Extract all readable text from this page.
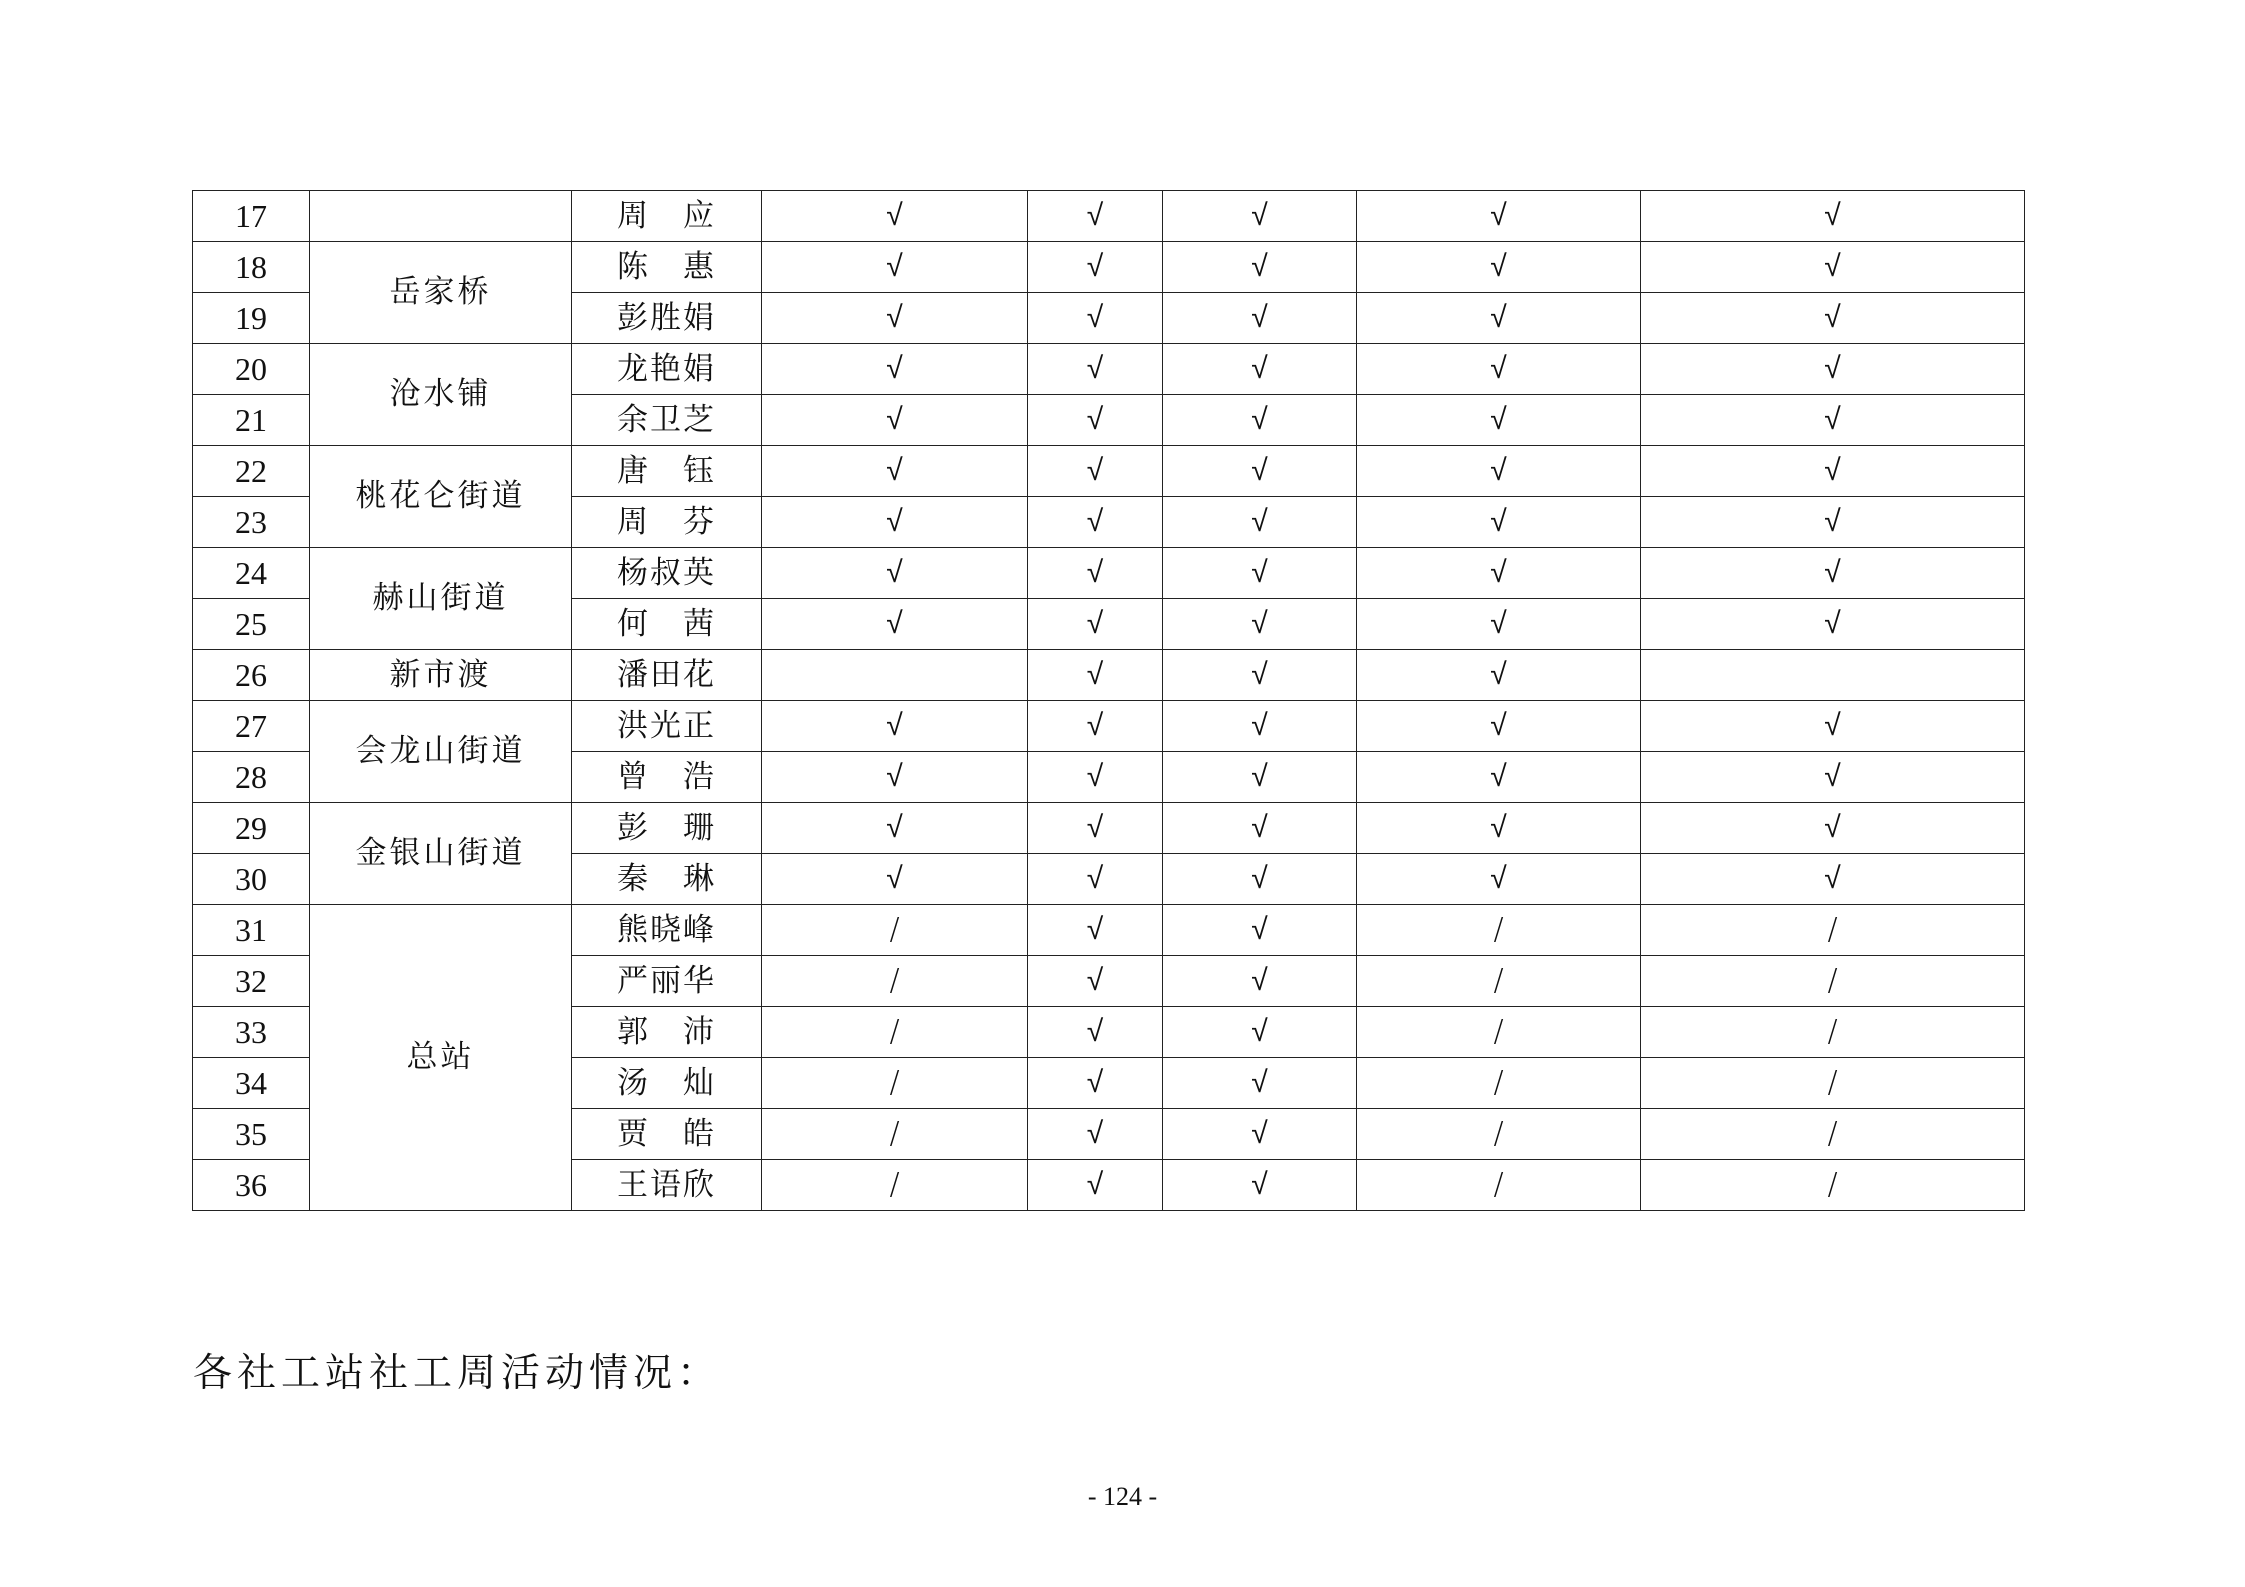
17		周　应	√	√	√	√	√
18	岳家桥	陈　惠	√	√	√	√	√
19		彭胜娟	√	√	√	√	√
20	沧水铺	龙艳娟	√	√	√	√	√
21		余卫芝	√	√	√	√	√
22	桃花仑街道	唐　钰	√	√	√	√	√
23		周　芬	√	√	√	√	√
24	赫山街道	杨叔英	√	√	√	√	√
25		何　茜	√	√	√	√	√
26	新市渡	潘田花		√	√	√	
27	会龙山街道	洪光正	√	√	√	√	√
28		曾　浩	√	√	√	√	√
29	金银山街道	彭　珊	√	√	√	√	√
30		秦　琳	√	√	√	√	√
31	总站	熊晓峰	/	√	√	/	/
32		严丽华	/	√	√	/	/
33		郭　沛	/	√	√	/	/
34		汤　灿	/	√	√	/	/
35		贾　皓	/	√	√	/	/
36		王语欣	/	√	√	/	/
各社工站社工周活动情况：
- 124 -
